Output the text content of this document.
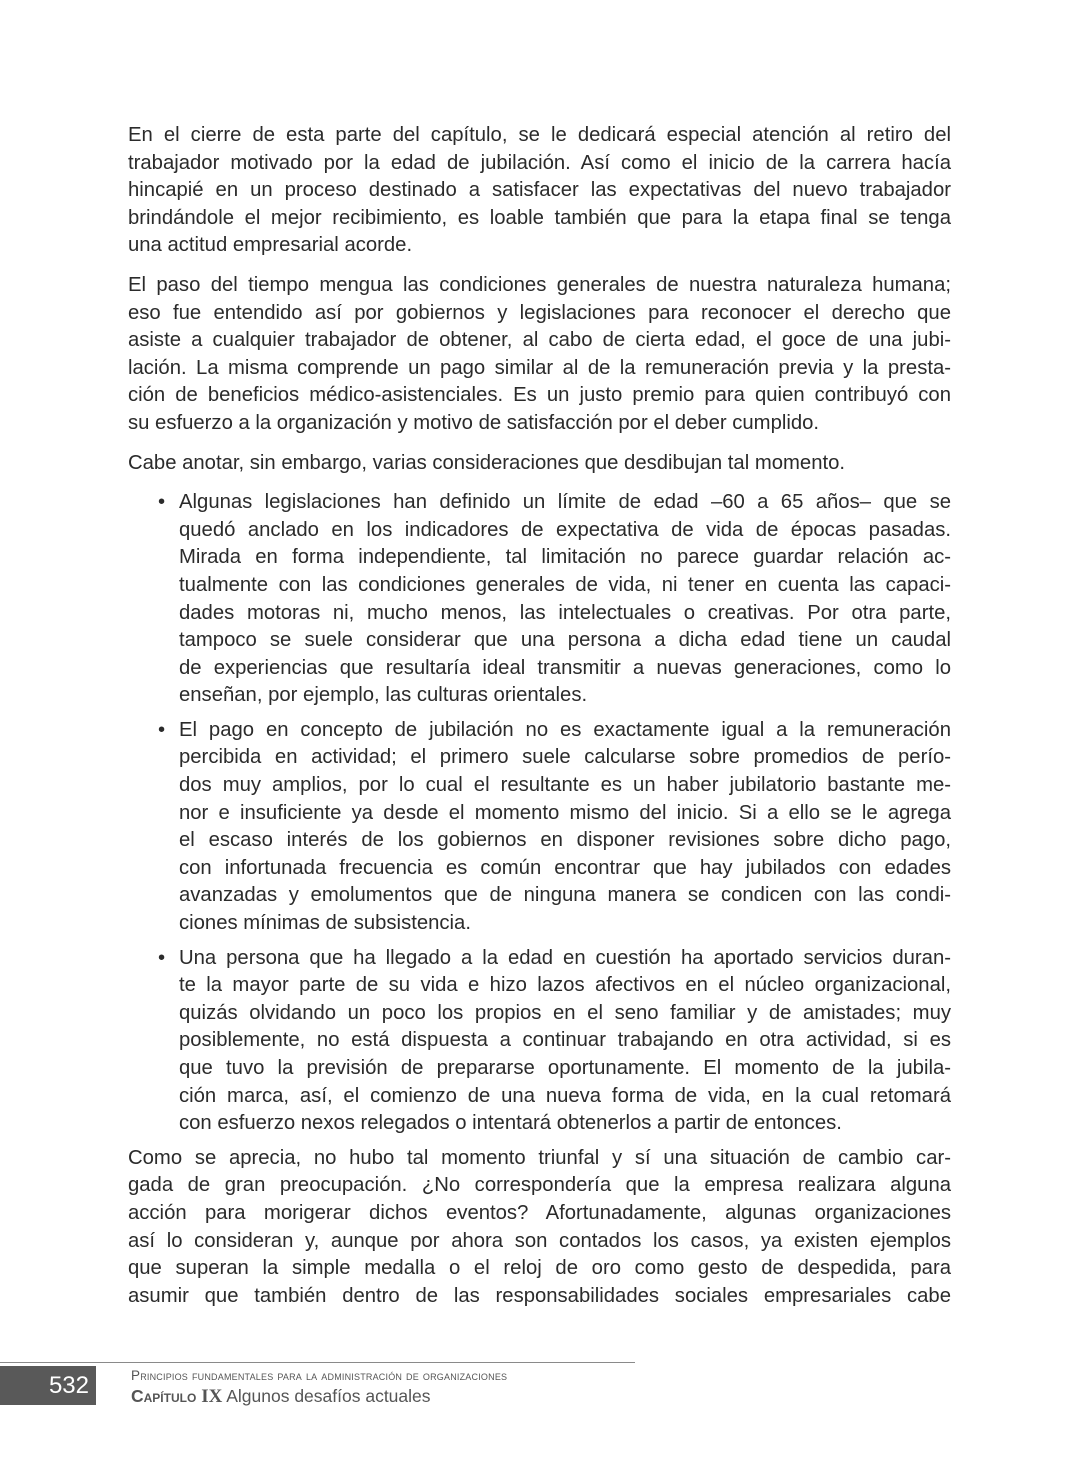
En el cierre de esta parte del capítulo, se le dedicará especial atención al retiro del
trabajador motivado por la edad de jubilación. Así como el inicio de la carrera hacía
hincapié en un proceso destinado a satisfacer las expectativas del nuevo trabajador
brindándole el mejor recibimiento, es loable también que para la etapa final se tenga
una actitud empresarial acorde.
El paso del tiempo mengua las condiciones generales de nuestra naturaleza humana;
eso fue entendido así por gobiernos y legislaciones para reconocer el derecho que
asiste a cualquier trabajador de obtener, al cabo de cierta edad, el goce de una jubi-
lación. La misma comprende un pago similar al de la remuneración previa y la presta-
ción de beneficios médico-asistenciales. Es un justo premio para quien contribuyó con
su esfuerzo a la organización y motivo de satisfacción por el deber cumplido.
Cabe anotar, sin embargo, varias consideraciones que desdibujan tal momento.
• Algunas legislaciones han definido un límite de edad –60 a 65 años– que se
quedó anclado en los indicadores de expectativa de vida de épocas pasadas.
Mirada en forma independiente, tal limitación no parece guardar relación ac-
tualmente con las condiciones generales de vida, ni tener en cuenta las capaci-
dades motoras ni, mucho menos, las intelectuales o creativas. Por otra parte,
tampoco se suele considerar que una persona a dicha edad tiene un caudal
de experiencias que resultaría ideal transmitir a nuevas generaciones, como lo
enseñan, por ejemplo, las culturas orientales.
• El pago en concepto de jubilación no es exactamente igual a la remuneración
percibida en actividad; el primero suele calcularse sobre promedios de perío-
dos muy amplios, por lo cual el resultante es un haber jubilatorio bastante me-
nor e insuficiente ya desde el momento mismo del inicio. Si a ello se le agrega
el escaso interés de los gobiernos en disponer revisiones sobre dicho pago,
con infortunada frecuencia es común encontrar que hay jubilados con edades
avanzadas y emolumentos que de ninguna manera se condicen con las condi-
ciones mínimas de subsistencia.
• Una persona que ha llegado a la edad en cuestión ha aportado servicios duran-
te la mayor parte de su vida e hizo lazos afectivos en el núcleo organizacional,
quizás olvidando un poco los propios en el seno familiar y de amistades; muy
posiblemente, no está dispuesta a continuar trabajando en otra actividad, si es
que tuvo la previsión de prepararse oportunamente. El momento de la jubila-
ción marca, así, el comienzo de una nueva forma de vida, en la cual retomará
con esfuerzo nexos relegados o intentará obtenerlos a partir de entonces.
Como se aprecia, no hubo tal momento triunfal y sí una situación de cambio car-
gada de gran preocupación. ¿No correspondería que la empresa realizara alguna
acción para morigerar dichos eventos? Afortunadamente, algunas organizaciones
así lo consideran y, aunque por ahora son contados los casos, ya existen ejemplos
que superan la simple medalla o el reloj de oro como gesto de despedida, para
asumir que también dentro de las responsabilidades sociales empresariales cabe
532	Principios fundamentales para la administración de organizaciones
Capítulo IX Algunos desafíos actuales
